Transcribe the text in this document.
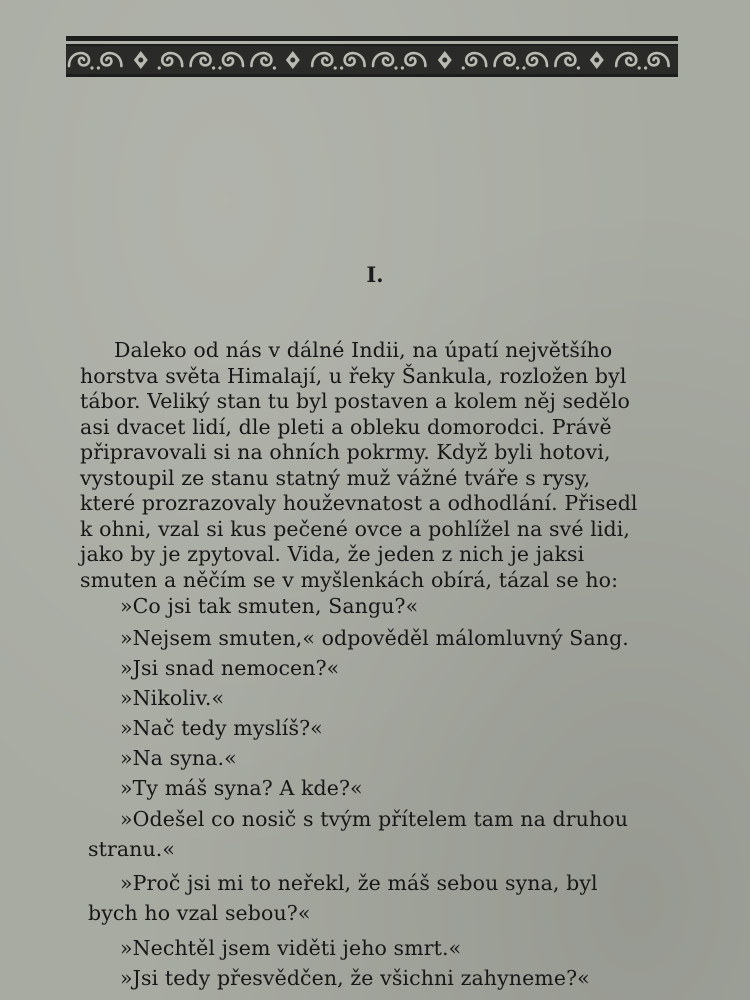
I.
Daleko od nás v dálné Indii, na úpatí největšího
horstva světa Himalají, u řeky Šankula, rozložen byl
tábor. Veliký stan tu byl postaven a kolem něj sedělo
asi dvacet lidí, dle pleti a obleku domorodci. Právě
připravovali si na ohních pokrmy. Když byli hotovi,
vystoupil ze stanu statný muž vážné tváře s rysy,
které prozrazovaly houževnatost a odhodlání. Přisedl
k ohni, vzal si kus pečené ovce a pohlížel na své lidi,
jako by je zpytoval. Vida, že jeden z nich je jaksi
smuten a něčím se v myšlenkách obírá, tázal se ho:
»Co jsi tak smuten, Sangu?«
»Nejsem smuten,« odpověděl málomluvný Sang.
»Jsi snad nemocen?«
»Nikoliv.«
»Nač tedy myslíš?«
»Na syna.«
»Ty máš syna? A kde?«
»Odešel co nosič s tvým přítelem tam na druhou
stranu.«
»Proč jsi mi to neřekl, že máš sebou syna, byl
bych ho vzal sebou?«
»Nechtěl jsem viděti jeho smrt.«
»Jsi tedy přesvědčen, že všichni zahyneme?«
